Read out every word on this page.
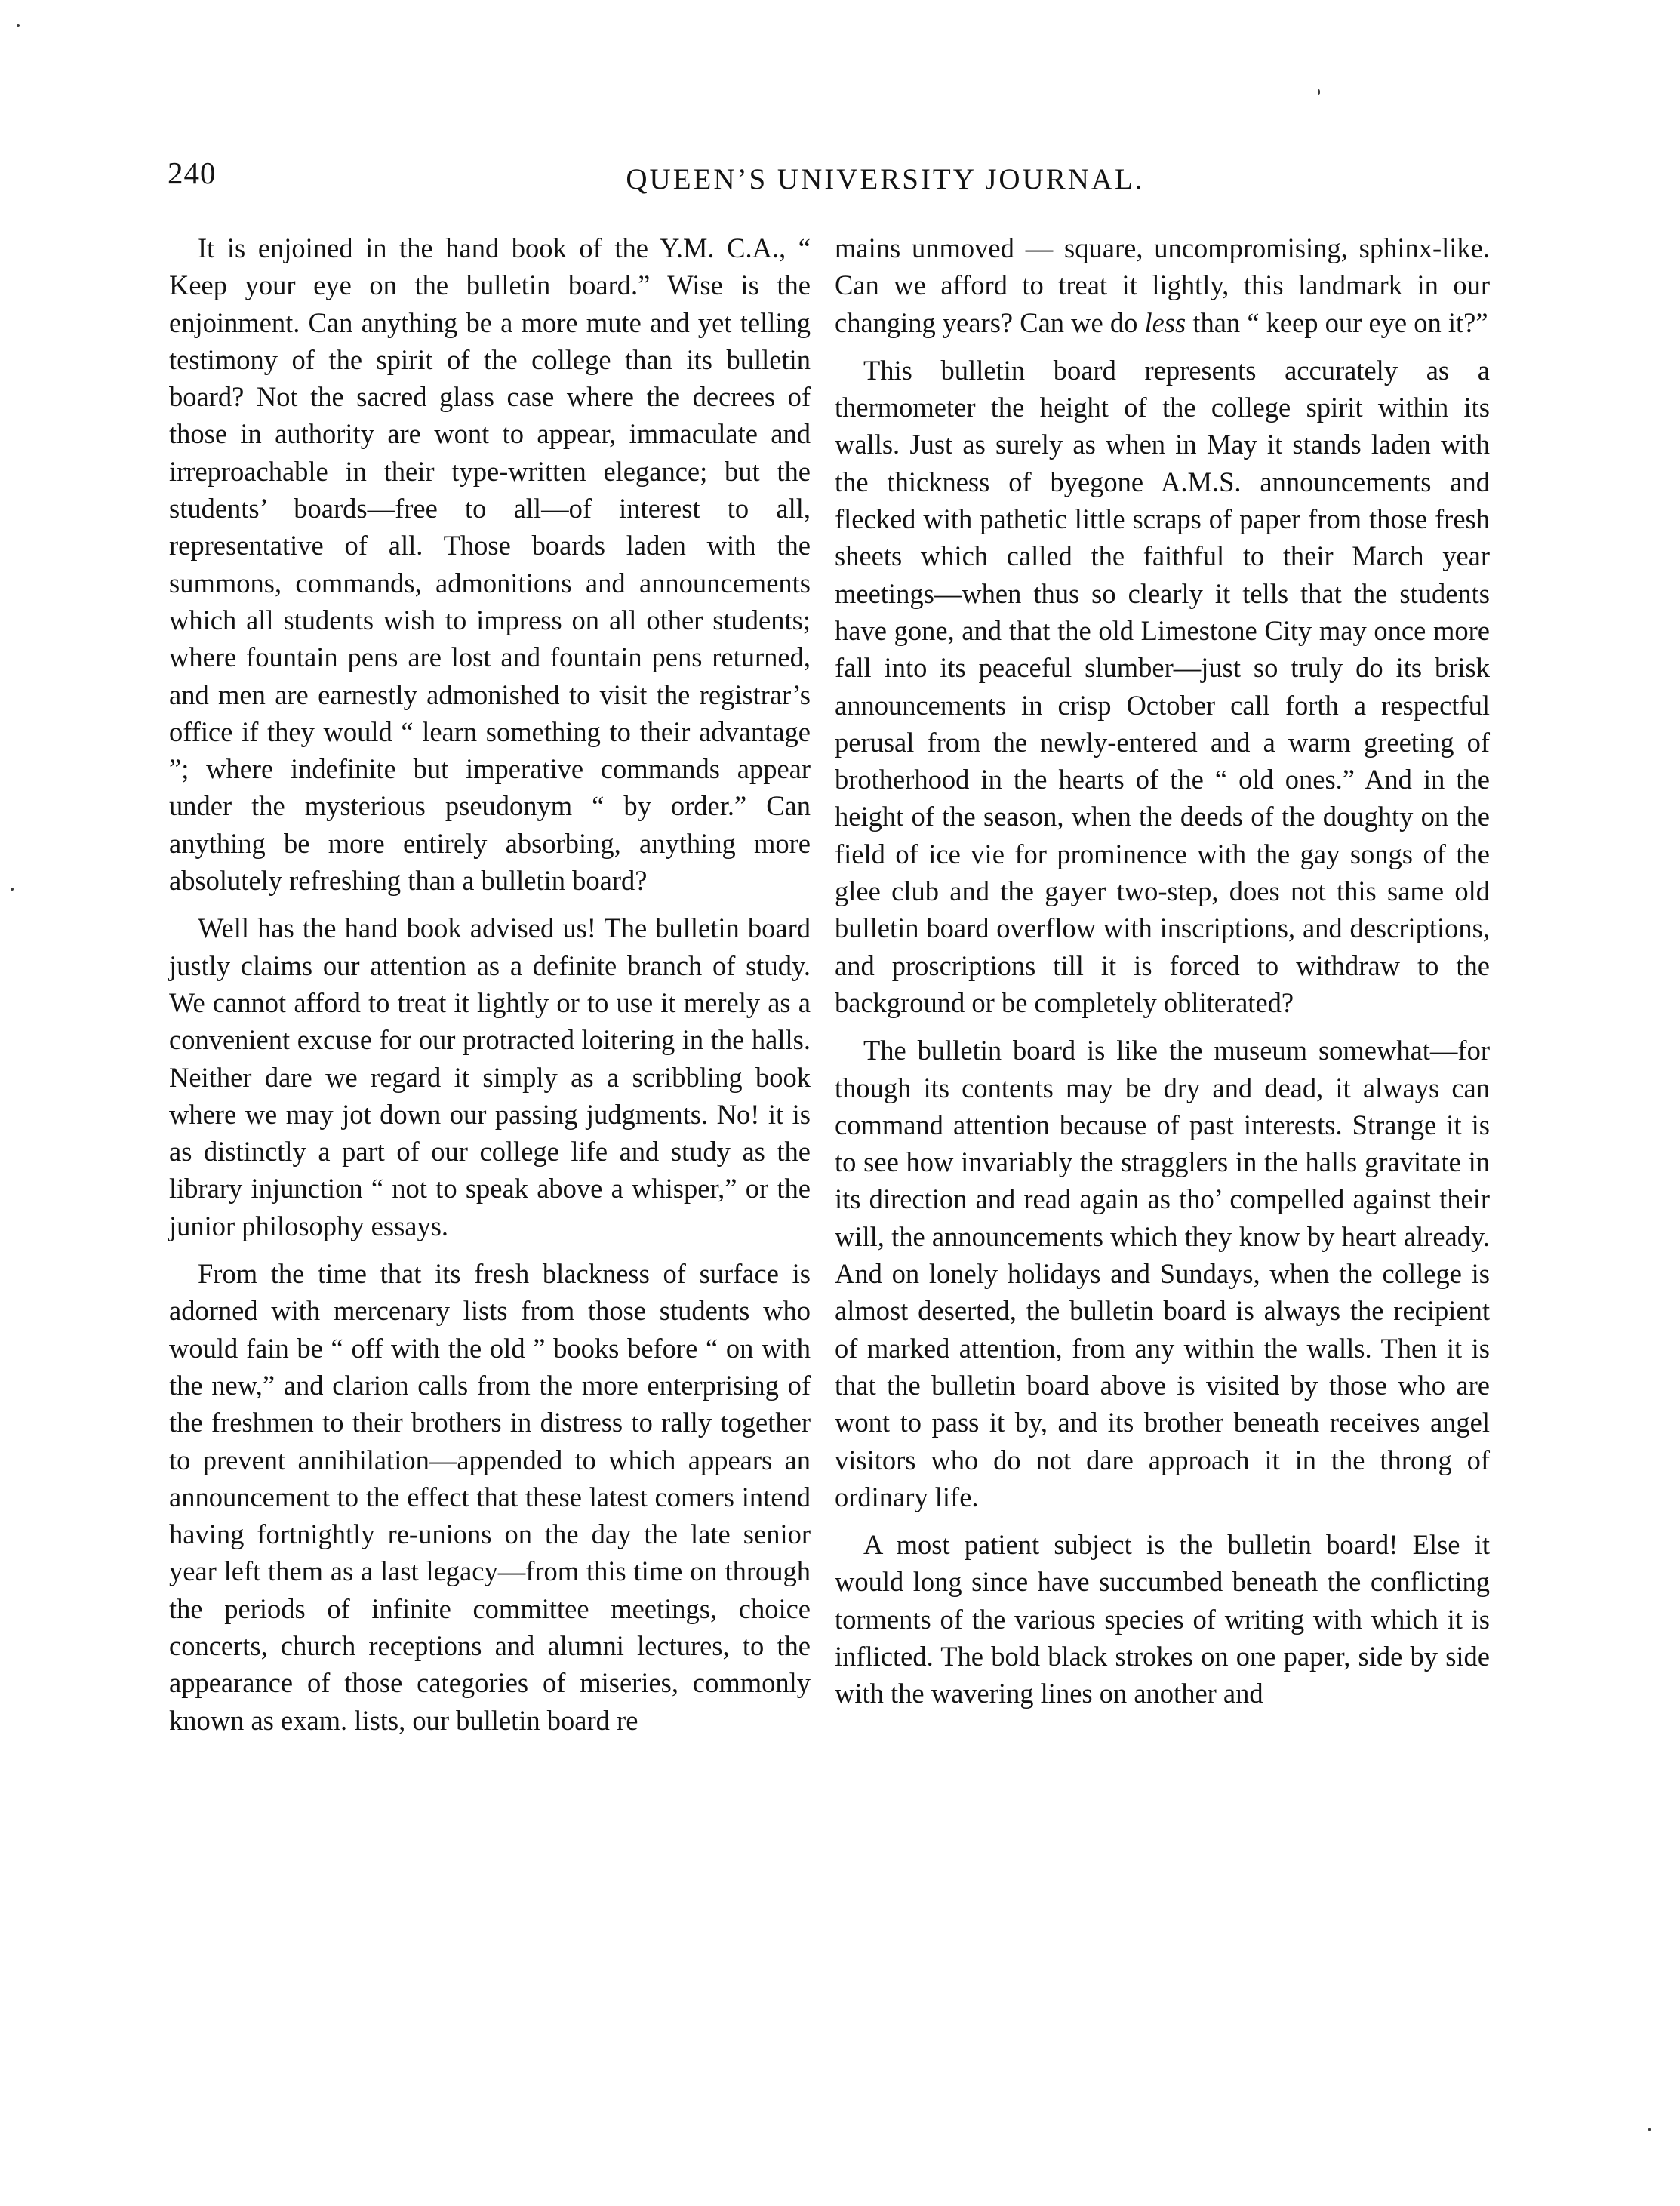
240	QUEEN’S UNIVERSITY JOURNAL.

It is enjoined in the hand book of the Y.M. C.A., “ Keep your eye on the bulletin board.” Wise is the enjoinment. Can anything be a more mute and yet telling testimony of the spirit of the college than its bulletin board? Not the sacred glass case where the decrees of those in authority are wont to appear, immaculate and irreproachable in their type-written elegance; but the students’ boards—free to all—of interest to all, representative of all. Those boards laden with the summons, commands, admonitions and announcements which all students wish to impress on all other students; where fountain pens are lost and fountain pens returned, and men are earnestly admonished to visit the registrar’s office if they would “ learn something to their advantage ”; where indefinite but imperative commands appear under the mysterious pseudonym “ by order.” Can anything be more entirely absorbing, anything more absolutely refreshing than a bulletin board?

Well has the hand book advised us! The bulletin board justly claims our attention as a definite branch of study. We cannot afford to treat it lightly or to use it merely as a convenient excuse for our protracted loitering in the halls. Neither dare we regard it simply as a scribbling book where we may jot down our passing judgments. No! it is as distinctly a part of our college life and study as the library injunction “ not to speak above a whisper,” or the junior philosophy essays.

From the time that its fresh blackness of surface is adorned with mercenary lists from those students who would fain be “ off with the old ” books before “ on with the new,” and clarion calls from the more enterprising of the freshmen to their brothers in distress to rally together to prevent annihilation—appended to which appears an announcement to the effect that these latest comers intend having fortnightly re-unions on the day the late senior year left them as a last legacy—from this time on through the periods of infinite committee meetings, choice concerts, church receptions and alumni lectures, to the appearance of those categories of miseries, commonly known as exam. lists, our bulletin board re

mains unmoved — square, uncompromising, sphinx-like. Can we afford to treat it lightly, this landmark in our changing years? Can we do less than “ keep our eye on it?”

This bulletin board represents accurately as a thermometer the height of the college spirit within its walls. Just as surely as when in May it stands laden with the thickness of byegone A.M.S. announcements and flecked with pathetic little scraps of paper from those fresh sheets which called the faithful to their March year meetings—when thus so clearly it tells that the students have gone, and that the old Limestone City may once more fall into its peaceful slumber—just so truly do its brisk announcements in crisp October call forth a respectful perusal from the newly-entered and a warm greeting of brotherhood in the hearts of the “ old ones.” And in the height of the season, when the deeds of the doughty on the field of ice vie for prominence with the gay songs of the glee club and the gayer two-step, does not this same old bulletin board overflow with inscriptions, and descriptions, and proscriptions till it is forced to withdraw to the background or be completely obliterated?

The bulletin board is like the museum somewhat—for though its contents may be dry and dead, it always can command attention because of past interests. Strange it is to see how invariably the stragglers in the halls gravitate in its direction and read again as tho’ compelled against their will, the announcements which they know by heart already. And on lonely holidays and Sundays, when the college is almost deserted, the bulletin board is always the recipient of marked attention, from any within the walls. Then it is that the bulletin board above is visited by those who are wont to pass it by, and its brother beneath receives angel visitors who do not dare approach it in the throng of ordinary life.

A most patient subject is the bulletin board! Else it would long since have succumbed beneath the conflicting torments of the various species of writing with which it is inflicted. The bold black strokes on one paper, side by side with the wavering lines on another and
